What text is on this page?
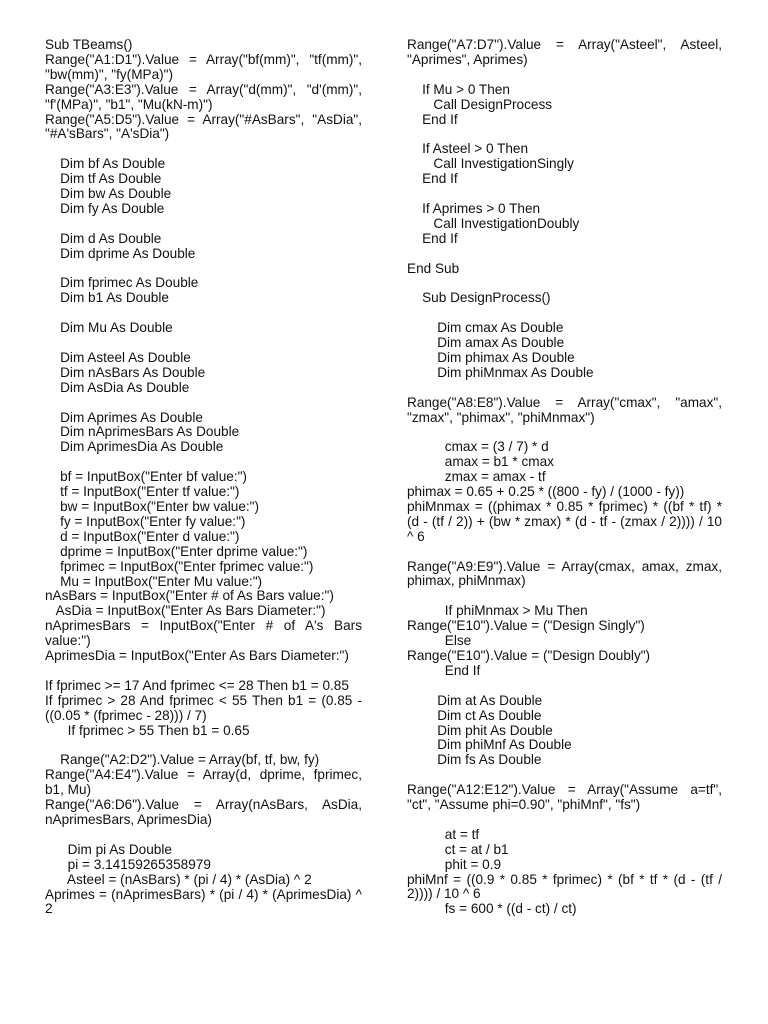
Sub TBeams()
Range("A1:D1").Value = Array("bf(mm)", "tf(mm)", "bw(mm)", "fy(MPa)")
Range("A3:E3").Value = Array("d(mm)", "d'(mm)", "f'(MPa)", "b1", "Mu(kN-m)")
Range("A5:D5").Value = Array("#AsBars", "AsDia", "#A'sBars", "A'sDia")
Dim bf As Double
Dim tf As Double
Dim bw As Double
Dim fy As Double
Dim d As Double
Dim dprime As Double
Dim fprimec As Double
Dim b1 As Double
Dim Mu As Double
Dim Asteel As Double
Dim nAsBars As Double
Dim AsDia As Double
Dim Aprimes As Double
Dim nAprimesBars As Double
Dim AprimesDia As Double
bf = InputBox("Enter bf value:")
tf = InputBox("Enter tf value:")
bw = InputBox("Enter bw value:")
fy = InputBox("Enter fy value:")
d = InputBox("Enter d value:")
dprime = InputBox("Enter dprime value:")
fprimec = InputBox("Enter fprimec value:")
Mu = InputBox("Enter Mu value:")
nAsBars = InputBox("Enter # of As Bars value:")
AsDia = InputBox("Enter As Bars Diameter:")
nAprimesBars = InputBox("Enter # of A's Bars value:")
AprimesDia = InputBox("Enter As Bars Diameter:")
If fprimec >= 17 And fprimec <= 28 Then b1 = 0.85
If fprimec > 28 And fprimec < 55 Then b1 = (0.85 - ((0.05 * (fprimec - 28))) / 7)
If fprimec > 55 Then b1 = 0.65
Range("A2:D2").Value = Array(bf, tf, bw, fy)
Range("A4:E4").Value = Array(d, dprime, fprimec, b1, Mu)
Range("A6:D6").Value = Array(nAsBars, AsDia, nAprimesBars, AprimesDia)
Dim pi As Double
pi = 3.14159265358979
Asteel = (nAsBars) * (pi / 4) * (AsDia) ^ 2
Aprimes = (nAprimesBars) * (pi / 4) * (AprimesDia) ^ 2
Range("A7:D7").Value = Array("Asteel", Asteel, "Aprimes", Aprimes)
If Mu > 0 Then
Call DesignProcess
End If
If Asteel > 0 Then
Call InvestigationSingly
End If
If Aprimes > 0 Then
Call InvestigationDoubly
End If
End Sub
Sub DesignProcess()
Dim cmax As Double
Dim amax As Double
Dim phimax As Double
Dim phiMnmax As Double
Range("A8:E8").Value = Array("cmax", "amax", "zmax", "phimax", "phiMnmax")
cmax = (3 / 7) * d
amax = b1 * cmax
zmax = amax - tf
phimax = 0.65 + 0.25 * ((800 - fy) / (1000 - fy))
phiMnmax = ((phimax * 0.85 * fprimec) * ((bf * tf) * (d - (tf / 2)) + (bw * zmax) * (d - tf - (zmax / 2)))) / 10 ^ 6
Range("A9:E9").Value = Array(cmax, amax, zmax, phimax, phiMnmax)
If phiMnmax > Mu Then
Range("E10").Value = ("Design Singly")
Else
Range("E10").Value = ("Design Doubly")
End If
Dim at As Double
Dim ct As Double
Dim phit As Double
Dim phiMnf As Double
Dim fs As Double
Range("A12:E12").Value = Array("Assume a=tf", "ct", "Assume phi=0.90", "phiMnf", "fs")
at = tf
ct = at / b1
phit = 0.9
phiMnf = ((0.9 * 0.85 * fprimec) * (bf * tf * (d - (tf / 2)))) / 10 ^ 6
fs = 600 * ((d - ct) / ct)
